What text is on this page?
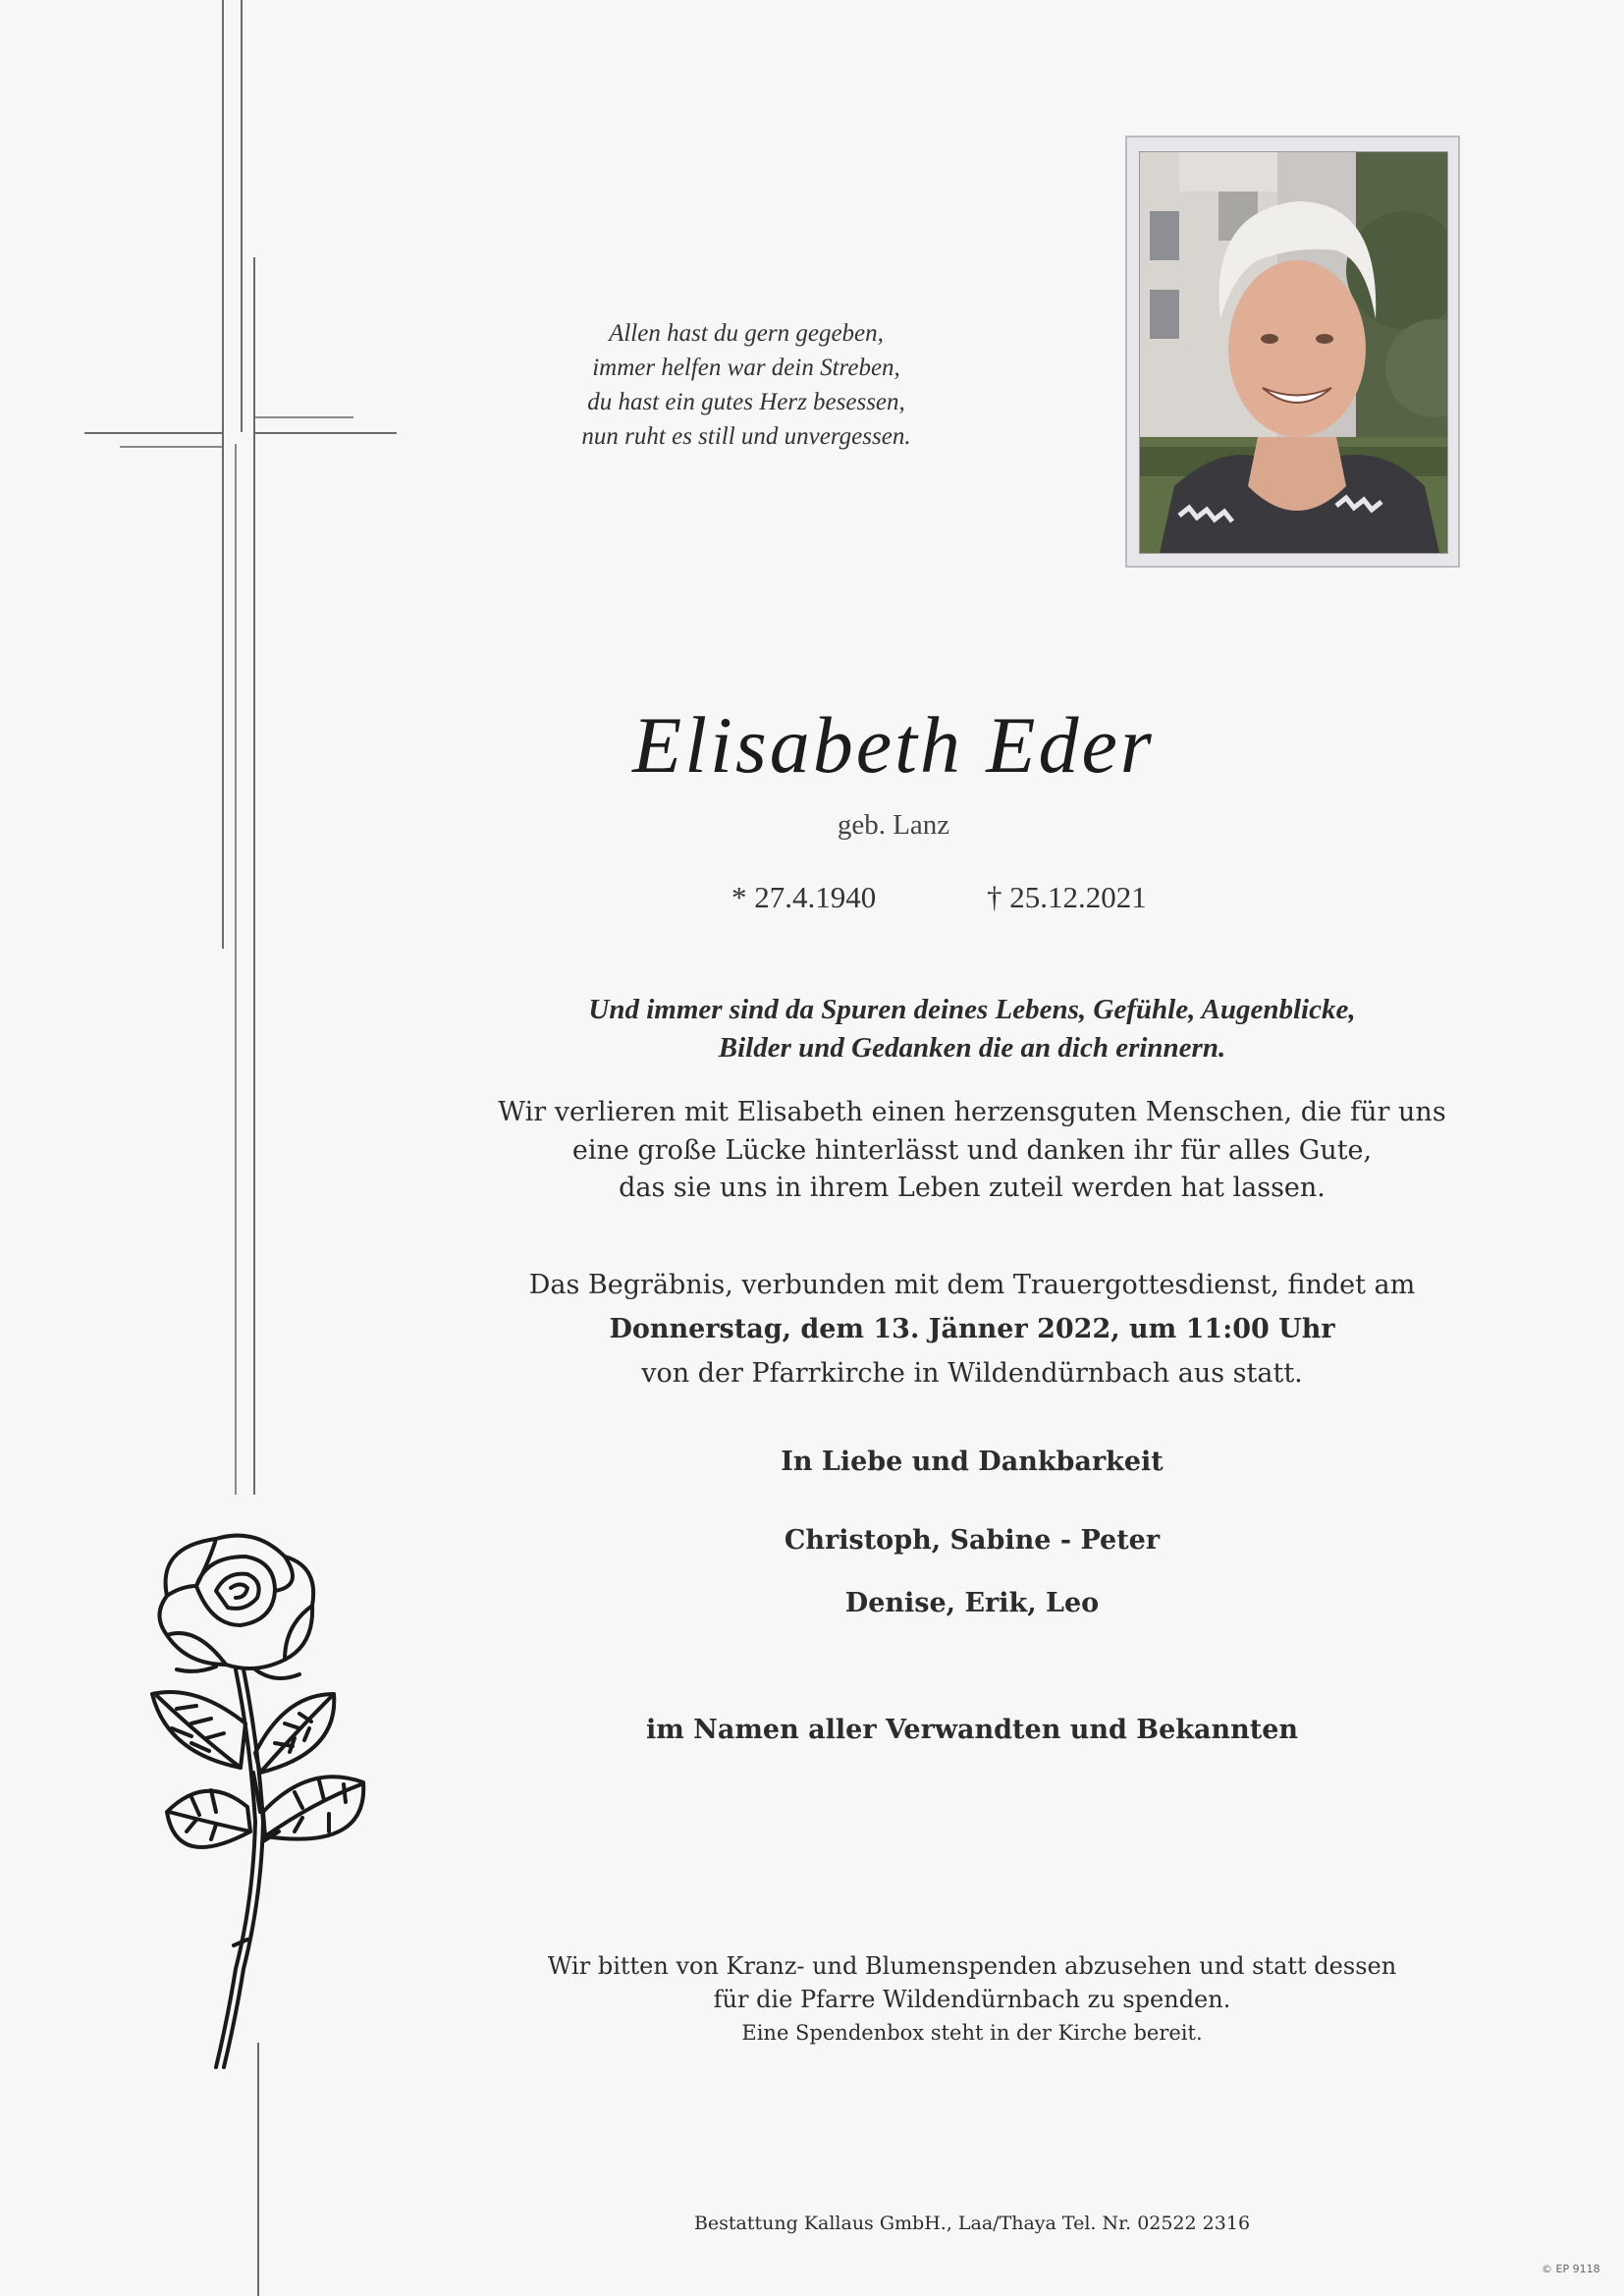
Allen hast du gern gegeben,
immer helfen war dein Streben,
du hast ein gutes Herz besessen,
nun ruht es still und unvergessen.
Elisabeth Eder
geb. Lanz
* 27.4.1940	† 25.12.2021
Und immer sind da Spuren deines Lebens, Gefühle, Augenblicke,
Bilder und Gedanken die an dich erinnern.
Wir verlieren mit Elisabeth einen herzensguten Menschen, die für uns
eine große Lücke hinterlässt und danken ihr für alles Gute,
das sie uns in ihrem Leben zuteil werden hat lassen.
Das Begräbnis, verbunden mit dem Trauergottesdienst, findet am
Donnerstag, dem 13. Jänner 2022, um 11:00 Uhr
von der Pfarrkirche in Wildendürnbach aus statt.
In Liebe und Dankbarkeit
Christoph, Sabine - Peter
Denise, Erik, Leo
im Namen aller Verwandten und Bekannten
Wir bitten von Kranz- und Blumenspenden abzusehen und statt dessen
für die Pfarre Wildendürnbach zu spenden.
Eine Spendenbox steht in der Kirche bereit.
Bestattung Kallaus GmbH., Laa/Thaya Tel. Nr. 02522 2316
© EP 9118
